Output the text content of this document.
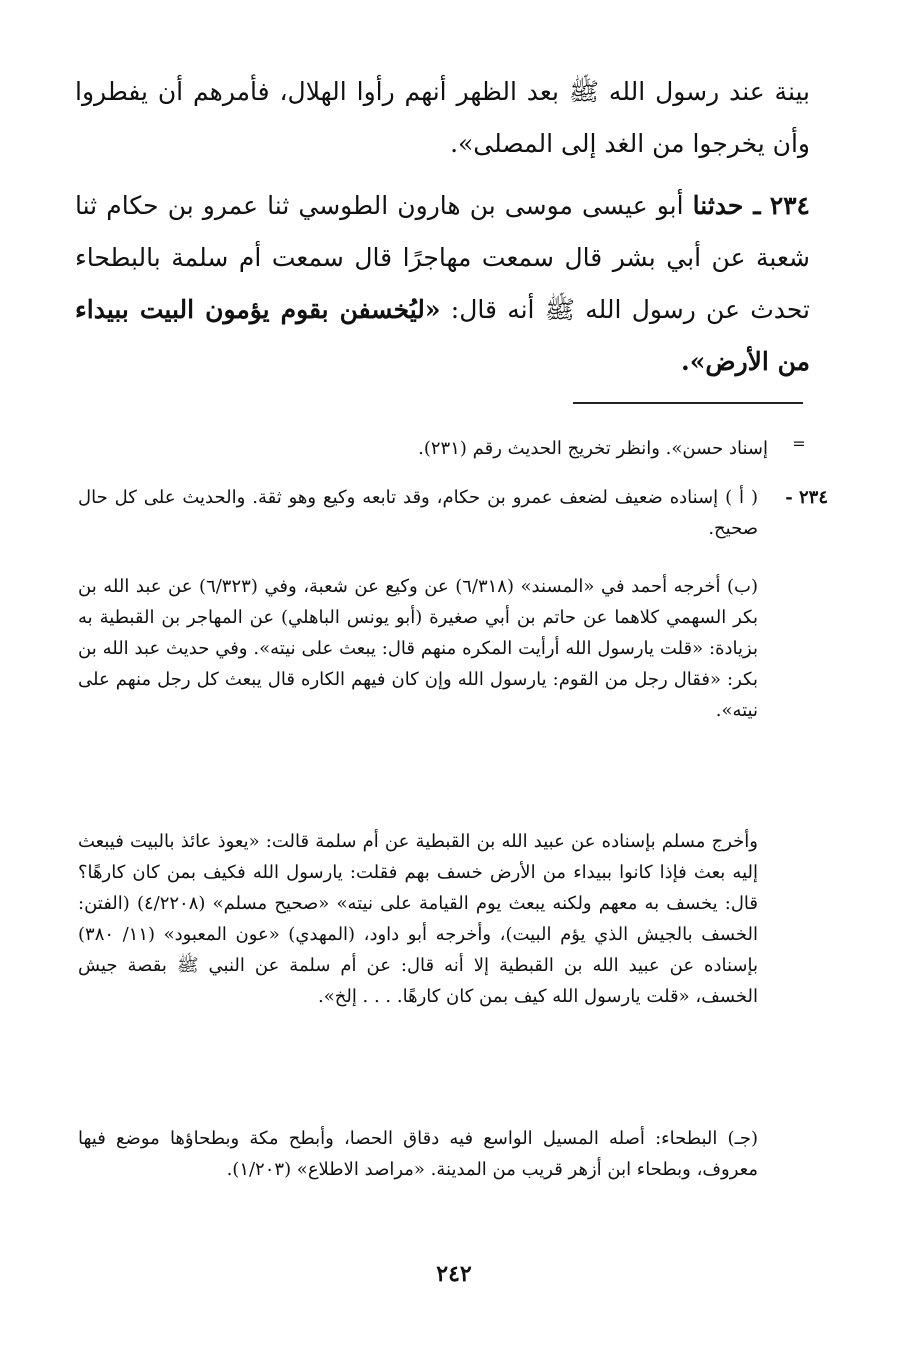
بينة عند رسول الله ﷺ بعد الظهر أنهم رأوا الهلال، فأمرهم أن يفطروا وأن يخرجوا من الغد إلى المصلى».
٢٣٤ ـ حدثنا أبو عيسى موسى بن هارون الطوسي ثنا عمرو بن حكام ثنا شعبة عن أبي بشر قال سمعت مهاجرًا قال سمعت أم سلمة بالبطحاء تحدث عن رسول الله ﷺ أنه قال: «ليُخسفن بقوم يؤمون البيت ببيداء من الأرض».
=
إسناد حسن». وانظر تخريج الحديث رقم (٢٣١).
٢٣٤ -
( أ ) إسناده ضعيف لضعف عمرو بن حكام، وقد تابعه وكيع وهو ثقة. والحديث على كل حال صحيح.
(ب) أخرجه أحمد في «المسند» (٦/٣١٨) عن وكيع عن شعبة، وفي (٦/٣٢٣) عن عبد الله بن بكر السهمي كلاهما عن حاتم بن أبي صغيرة (أبو يونس الباهلي) عن المهاجر بن القبطية به بزيادة: «قلت يارسول الله أرأيت المكره منهم قال: يبعث على نيته». وفي حديث عبد الله بن بكر: «فقال رجل من القوم: يارسول الله وإن كان فيهم الكاره قال يبعث كل رجل منهم على نيته».
وأخرج مسلم بإسناده عن عبيد الله بن القبطية عن أم سلمة قالت: «يعوذ عائذ بالبيت فيبعث إليه بعث فإذا كانوا ببيداء من الأرض خسف بهم فقلت: يارسول الله فكيف بمن كان كارهًا؟ قال: يخسف به معهم ولكنه يبعث يوم القيامة على نيته» «صحيح مسلم» (٤/٢٢٠٨) (الفتن: الخسف بالجيش الذي يؤم البيت)، وأخرجه أبو داود، (المهدي) «عون المعبود» (١١/ ٣٨٠) بإسناده عن عبيد الله بن القبطية إلا أنه قال: عن أم سلمة عن النبي ﷺ بقصة جيش الخسف، «قلت يارسول الله كيف بمن كان كارهًا. . . . إلخ».
(جـ) البطحاء: أصله المسيل الواسع فيه دقاق الحصا، وأبطح مكة وبطحاؤها موضع فيها معروف، وبطحاء ابن أزهر قريب من المدينة. «مراصد الاطلاع» (١/٢٠٣).
٢٤٢
